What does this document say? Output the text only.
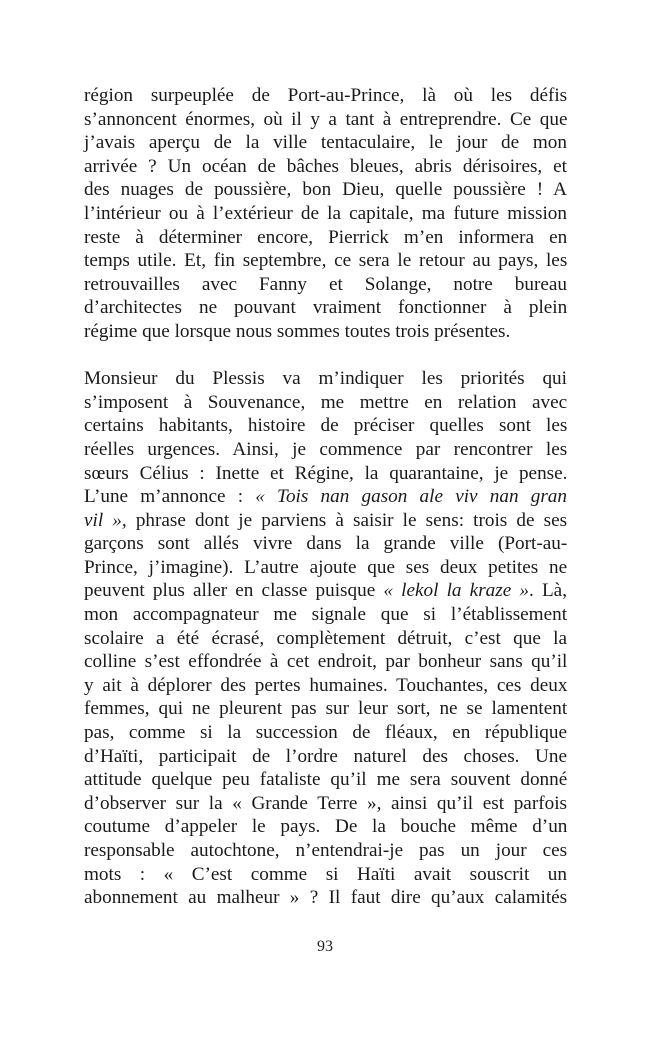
région surpeuplée de Port-au-Prince, là où les défis
s’annoncent énormes, où il y a tant à entreprendre. Ce que
j’avais aperçu de la ville tentaculaire, le jour de mon
arrivée ? Un océan de bâches bleues, abris dérisoires, et
des nuages de poussière, bon Dieu, quelle poussière ! A
l’intérieur ou à l’extérieur de la capitale, ma future mission
reste à déterminer encore, Pierrick m’en informera en
temps utile. Et, fin septembre, ce sera le retour au pays, les
retrouvailles avec Fanny et Solange, notre bureau
d’architectes ne pouvant vraiment fonctionner à plein
régime que lorsque nous sommes toutes trois présentes.

Monsieur du Plessis va m’indiquer les priorités qui
s’imposent à Souvenance, me mettre en relation avec
certains habitants, histoire de préciser quelles sont les
réelles urgences. Ainsi, je commence par rencontrer les
sœurs Célius : Inette et Régine, la quarantaine, je pense.
L’une m’annonce : « Tois nan gason ale viv nan gran
vil », phrase dont je parviens à saisir le sens: trois de ses
garçons sont allés vivre dans la grande ville (Port-au-
Prince, j’imagine). L’autre ajoute que ses deux petites ne
peuvent plus aller en classe puisque « lekol la kraze ». Là,
mon accompagnateur me signale que si l’établissement
scolaire a été écrasé, complètement détruit, c’est que la
colline s’est effondrée à cet endroit, par bonheur sans qu’il
y ait à déplorer des pertes humaines. Touchantes, ces deux
femmes, qui ne pleurent pas sur leur sort, ne se lamentent
pas, comme si la succession de fléaux, en république
d’Haïti, participait de l’ordre naturel des choses. Une
attitude quelque peu fataliste qu’il me sera souvent donné
d’observer sur la « Grande Terre », ainsi qu’il est parfois
coutume d’appeler le pays. De la bouche même d’un
responsable autochtone, n’entendrai-je pas un jour ces
mots : « C’est comme si Haïti avait souscrit un
abonnement au malheur » ? Il faut dire qu’aux calamités

93
